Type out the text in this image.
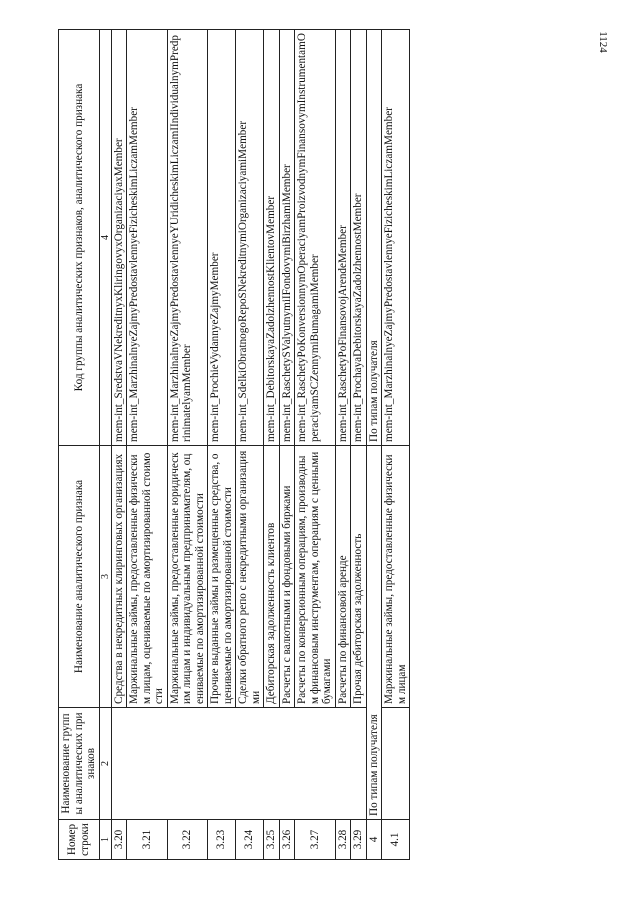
1124
Номер строки	Наименование группы аналитических признаков	Наименование аналитического признака	Код группы аналитических признаков, аналитического признака
1	2	3	4
3.20		Средства в некредитных клиринговых организациях	mem-int_SredstvaVNekreditnyxKliringovyxOrganizaciyaxMember
3.21		Маржинальные займы, предоставленные физическим лицам, оцениваемые по амортизированной стоимости	mem-int_MarzhinalnyeZajmyPredostavlennyeFizicheskimLiczamMember
3.22		Маржинальные займы, предоставленные юридическим лицам и индивидуальным предпринимателям, оцениваемые по амортизированной стоимости	mem-int_MarzhinalnyeZajmyPredostavlennyeYUridicheskimLiczamIIndividualnymPredprinimatelyamMember
3.23		Прочие выданные займы и размещенные средства, оцениваемые по амортизированной стоимости	mem-int_ProchieVydannyeZajmyMember
3.24		Сделки обратного репо с некредитными организациями	mem-int_SdelkiObratnogoRepoSNekreditnymiOrganizaciyamiMember
3.25		Дебиторская задолженность клиентов	mem-int_DebitorskayaZadolzhennostKlientovMember
3.26		Расчеты с валютными и фондовыми биржами	mem-int_RaschetySValyutnymiIFondovymiBirzhamiMember
3.27		Расчеты по конверсионным операциям, производным финансовым инструментам, операциям с ценными бумагами	mem-int_RaschetyPoKonversionnymOperaciyamProizvodnymFinansovymInstrumentamOperaciyamSCZennymiBumagamiMember
3.28		Расчеты по финансовой аренде	mem-int_RaschetyPoFinansovojArendeMember
3.29		Прочая дебиторская задолженность	mem-int_ProchayaDebitorskayaZadolzhennostMember
4	По типам получателя		По типам получателя
4.1		Маржинальные займы, предоставленные физическим лицам	mem-int_MarzhinalnyeZajmyPredostavlennyeFizicheskimLiczamMember
